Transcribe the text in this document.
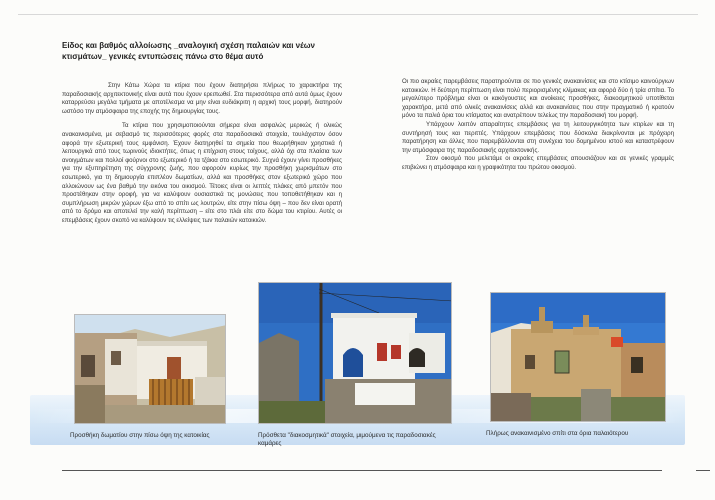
Είδος και βαθμός αλλοίωσης _αναλογική σχέση παλαιών και νέων κτισμάτων_ γενικές εντυπώσεις πάνω στο θέμα αυτό

Στην Κάτω Χώρα τα κτίρια που έχουν διατηρήσει πλήρως το χαρακτήρα της παραδοσιακής αρχιτεκτονικής είναι αυτά που έχουν ερειπωθεί. Στα περισσότερα από αυτά όμως έχουν καταρρεύσει μεγάλα τμήματα με αποτέλεσμα να μην είναι ευδιάκριτη η αρχική τους μορφή, διατηρούν ωστόσο την ατμόσφαιρα της εποχής της δημιουργίας τους.

Τα κτίρια που χρησιμοποιούνται σήμερα είναι ασφαλώς μερικώς ή ολικώς ανακαινισμένα, με σεβασμό τις περισσότερες φορές στα παραδοσιακά στοιχεία, τουλάχιστον όσον αφορά την εξωτερική τους εμφάνιση. Έχουν διατηρηθεί τα σημεία που θεωρήθηκαν χρηστικά ή λειτουργικά από τους τωρινούς ιδιοκτήτες, όπως η επίχριση στους τοίχους, αλλά όχι στα πλαίσια των ανοιγμάτων και πολλοί φούρνοι στο εξωτερικό ή τα τζάκια στο εσωτερικό. Συχνά έχουν γίνει προσθήκες για την εξυπηρέτηση της σύγχρονης ζωής, που αφορούν κυρίως την προσθήκη χωρισμάτων στο εσωτερικό, για τη δημιουργία επιπλέον δωματίων, αλλά και προσθήκες στον εξωτερικό χώρο που αλλοιώνουν ως ένα βαθμό την εικόνα του οικισμού. Τέτοιες είναι οι λεπτές πλάκες από μπετόν που προστέθηκαν στην οροφή, για να καλύψουν ουσιαστικά τις μονώσεις που τοποθετήθηκαν και η συμπλήρωση μικρών χώρων έξω από το σπίτι ως λουτρών, είτε στην πίσω όψη – που δεν είναι ορατή από το δρόμο και αποτελεί την καλή περίπτωση – είτε στο πλάι είτε στο δώμα του κτιρίου. Αυτές οι επεμβάσεις έχουν σκοπό να καλύψουν τις ελλείψεις των παλαιών κατοικιών.

Οι πιο ακραίες παρεμβάσεις παρατηρούνται σε πιο γενικές ανακαινίσεις και στο κτίσιμο καινούργιων κατοικιών. Η δεύτερη περίπτωση είναι πολύ περιορισμένης κλίμακας και αφορά δύο ή τρία σπίτια. Το μεγαλύτερο πρόβλημα είναι οι κακόγουστες και ανοίκειες προσθήκες, διακοσμητικού υποτίθεται χαρακτήρα, μετά από ολικές ανακαινίσεις αλλά και ανακαινίσεις που στην πραγματικό ή κρατούν μόνο τα παλιά όρια του κτίσματος και ανατρέπουν τελείως την παραδοσιακή του μορφή.

Υπάρχουν λοιπόν απαραίτητες επεμβάσεις για τη λειτουργικότητα των κτιρίων και τη συντήρησή τους και περιττές. Υπάρχουν επεμβάσεις που δύσκολα διακρίνονται με πρόχειρη παρατήρηση και άλλες που παρεμβάλλονται στη συνέχεια του δομημένου ιστού και καταστρέφουν την ατμόσφαιρα της παραδοσιακής αρχιτεκτονικής.

Στον οικισμό που μελετάμε οι ακραίες επεμβάσεις απουσιάζουν και σε γενικές γραμμές επιβιώνει η ατμόσφαιρα και η γραφικότητα του πρώτου οικισμού.

Προσθήκη δωματίου στην πίσω όψη της κατοικίας	Πρόσθετα "διακοσμητικά" στοιχεία, μιμούμενα τις παραδοσιακές καμάρες
Πλήρως ανακαινισμένο σπίτι στα όρια παλαιότερου
